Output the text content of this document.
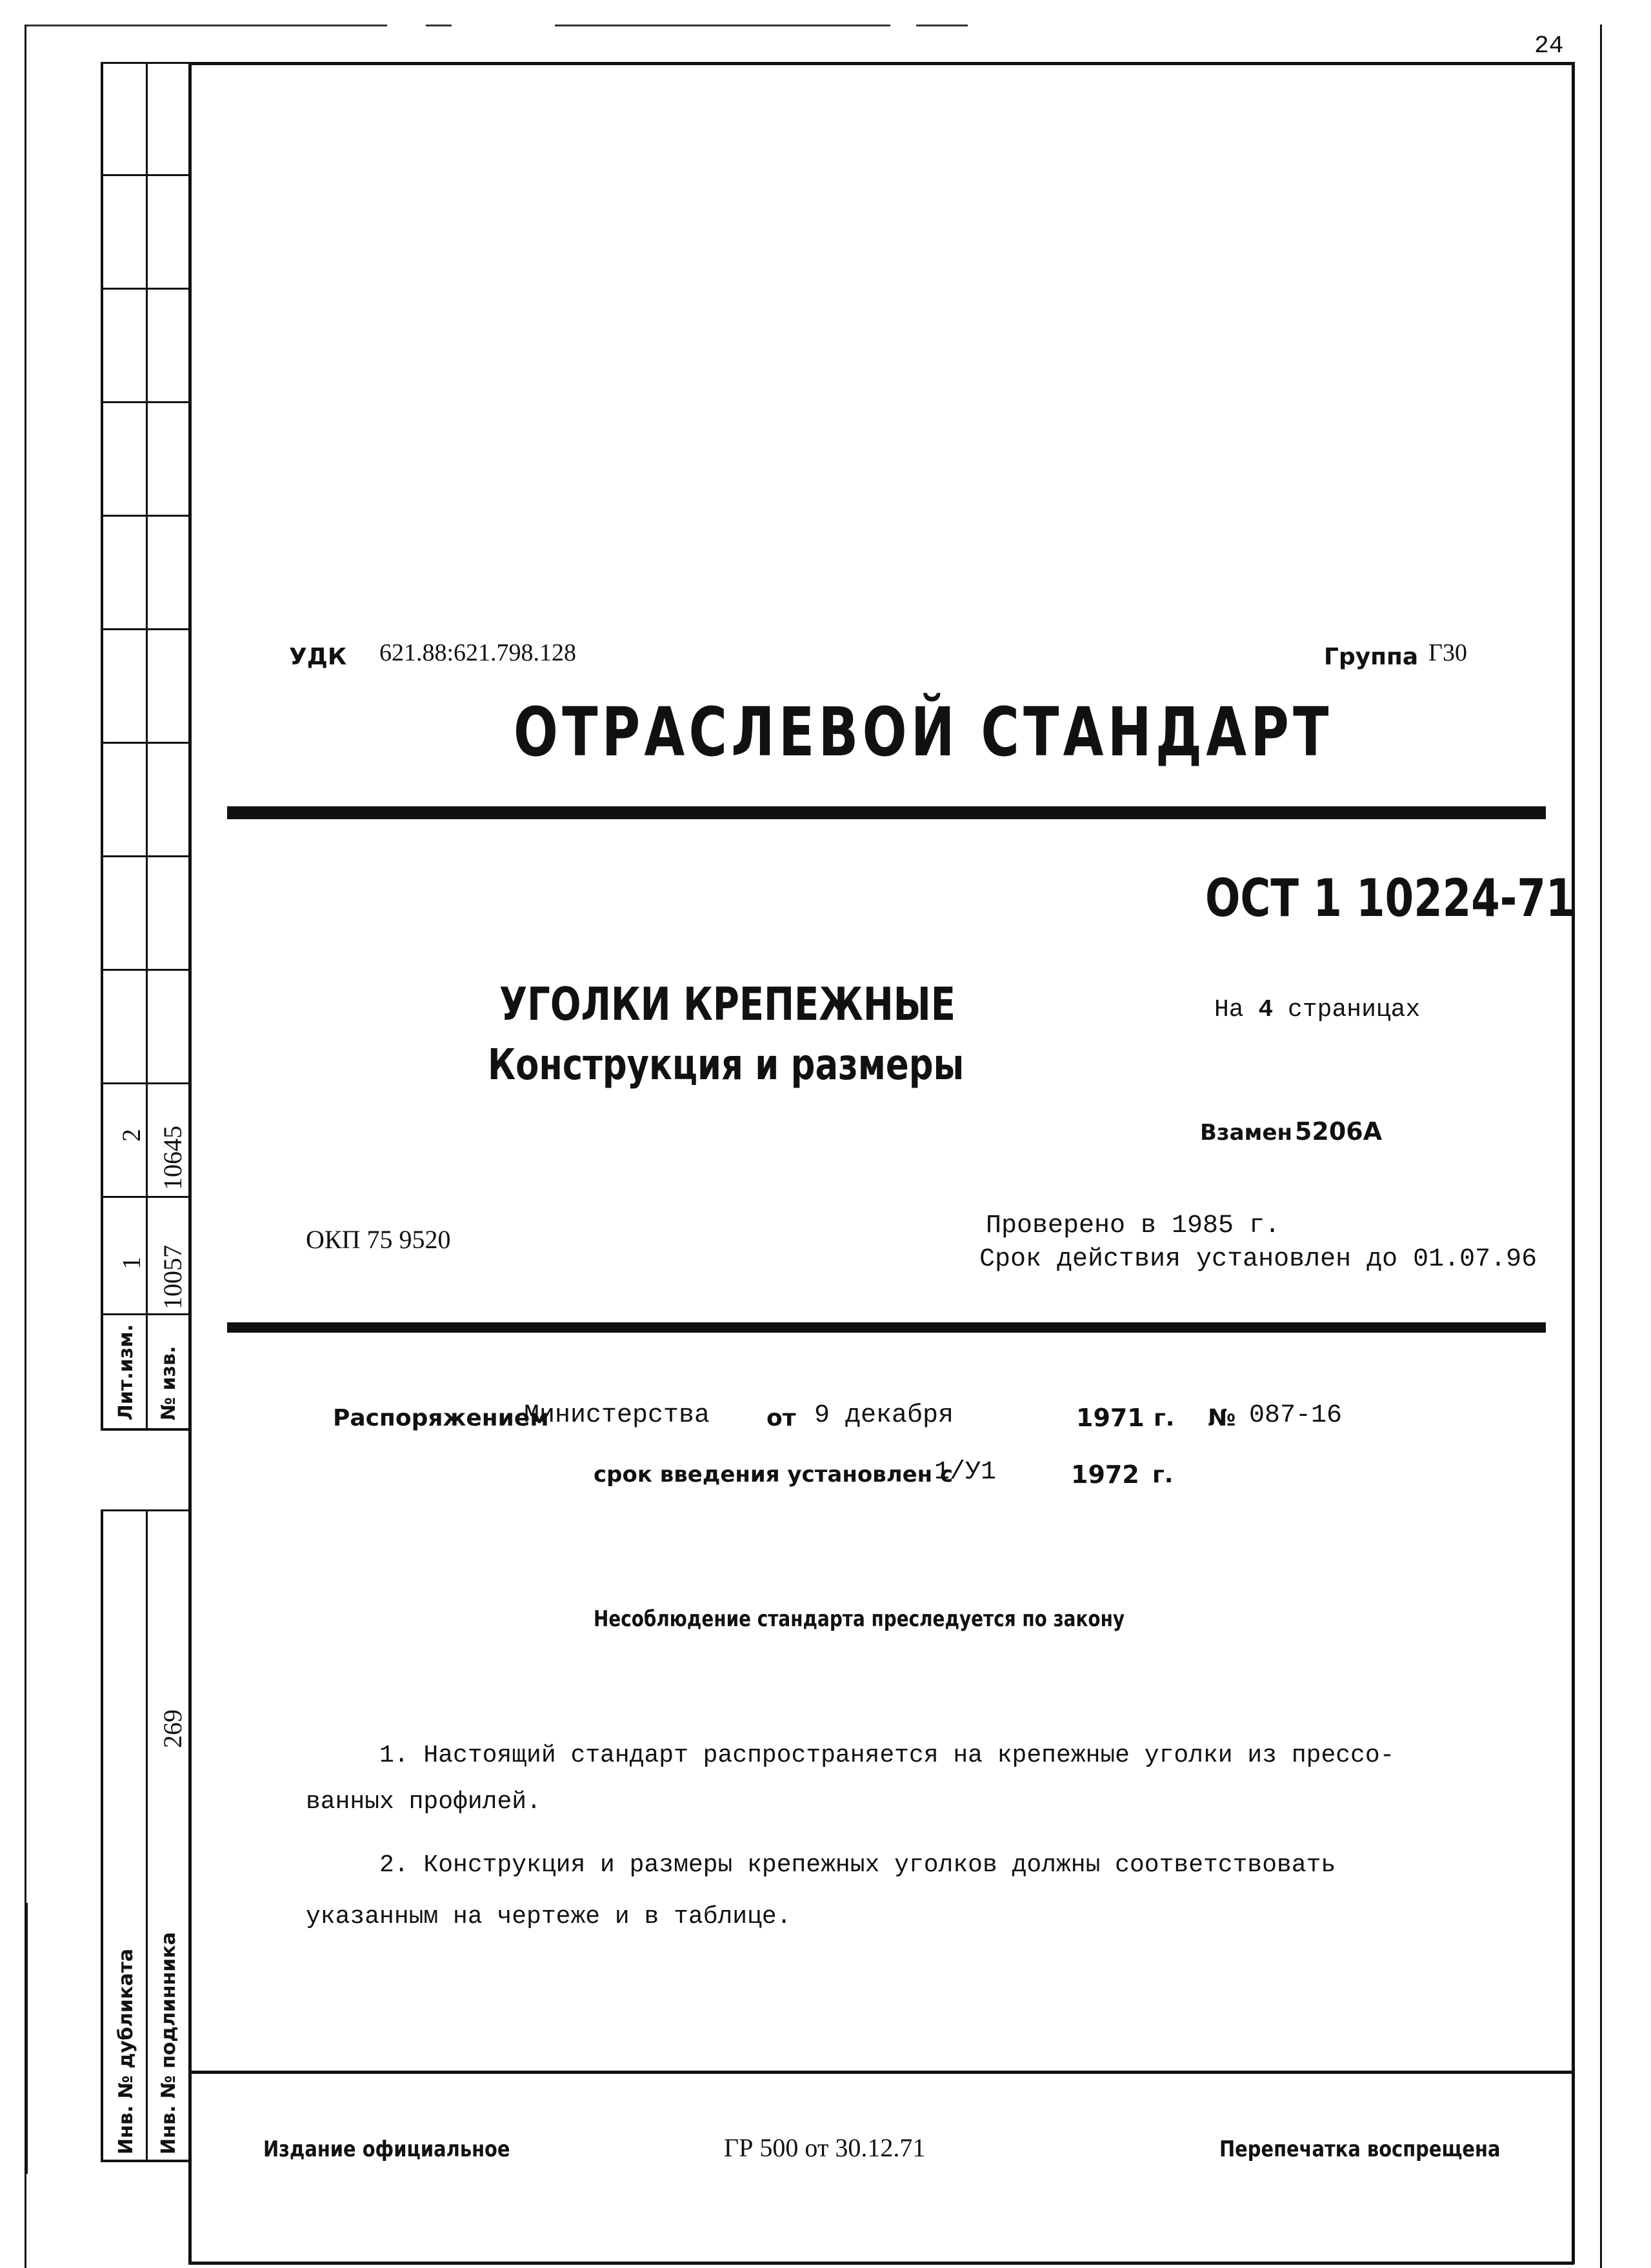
24
2 10645
1 10057
Лит.изм. № изв.
269
Инв. № дубликата Инв. № подлинника
УДК 621.88:621.798.128	Группа Г30
ОТРАСЛЕВОЙ СТАНДАРТ
ОСТ 1 10224-71
УГОЛКИ КРЕПЕЖНЫЕ
Конструкция и размеры
На 4 страницах
Взамен 5206А
ОКП 75 9520	Проверено в 1985 г.
Срок действия установлен до 01.07.96
Распоряжением
Министерства от 9 декабря	1971 г. № 087-16
срок введения установлен с
1/У1	1972 г.
Несоблюдение стандарта преследуется по закону
1. Настоящий стандарт распространяется на крепежные уголки из прессо-
ванных профилей.
2. Конструкция и размеры крепежных уголков должны соответствовать
указанным на чертеже и в таблице.
Издание официальное	ГР 500 от 30.12.71	Перепечатка воспрещена
